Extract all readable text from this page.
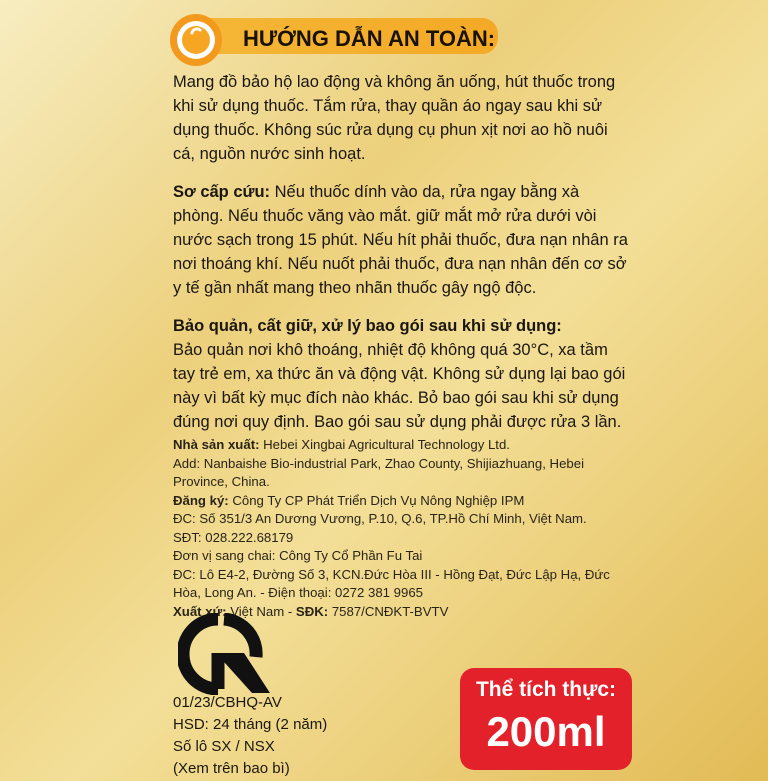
HƯỚNG DẪN AN TOÀN:

Mang đồ bảo hộ lao động và không ăn uống, hút thuốc trong khi sử dụng thuốc. Tắm rửa, thay quần áo ngay sau khi sử dụng thuốc. Không súc rửa dụng cụ phun xịt nơi ao hồ nuôi cá, nguồn nước sinh hoạt.

Sơ cấp cứu: Nếu thuốc dính vào da, rửa ngay bằng xà phòng. Nếu thuốc văng vào mắt. giữ mắt mở rửa dưới vòi nước sạch trong 15 phút. Nếu hít phải thuốc, đưa nạn nhân ra nơi thoáng khí. Nếu nuốt phải thuốc, đưa nạn nhân đến cơ sở y tế gần nhất mang theo nhãn thuốc gây ngộ độc.

Bảo quản, cất giữ, xử lý bao gói sau khi sử dụng:

Bảo quản nơi khô thoáng, nhiệt độ không quá 30°C, xa tầm tay trẻ em, xa thức ăn và động vật. Không sử dụng lại bao gói này vì bất kỳ mục đích nào khác. Bỏ bao gói sau khi sử dụng đúng nơi quy định. Bao gói sau sử dụng phải được rửa 3 lần.

Nhà sản xuất: Hebei Xingbai Agricultural Technology Ltd.

Add: Nanbaishe Bio-industrial Park, Zhao County, Shijiazhuang, Hebei Province, China.

Đăng ký: Công Ty CP Phát Triển Dịch Vụ Nông Nghiệp IPM

ĐC: Số 351/3 An Dương Vương, P.10, Q.6, TP.Hồ Chí Minh, Việt Nam.

SĐT: 028.222.68179

Đơn vị sang chai: Công Ty Cổ Phần Fu Tai

ĐC: Lô E4-2, Đường Số 3, KCN.Đức Hòa III - Hồng Đạt, Đức Lập Hạ, Đức Hòa, Long An. - Điện thoại: 0272 381 9965

Xuất xứ: Việt Nam - SĐK: 7587/CNĐKT-BVTV

01/23/CBHQ-AV
HSD: 24 tháng (2 năm)
Số lô SX / NSX
(Xem trên bao bì)
Thể tích thực:
200ml
